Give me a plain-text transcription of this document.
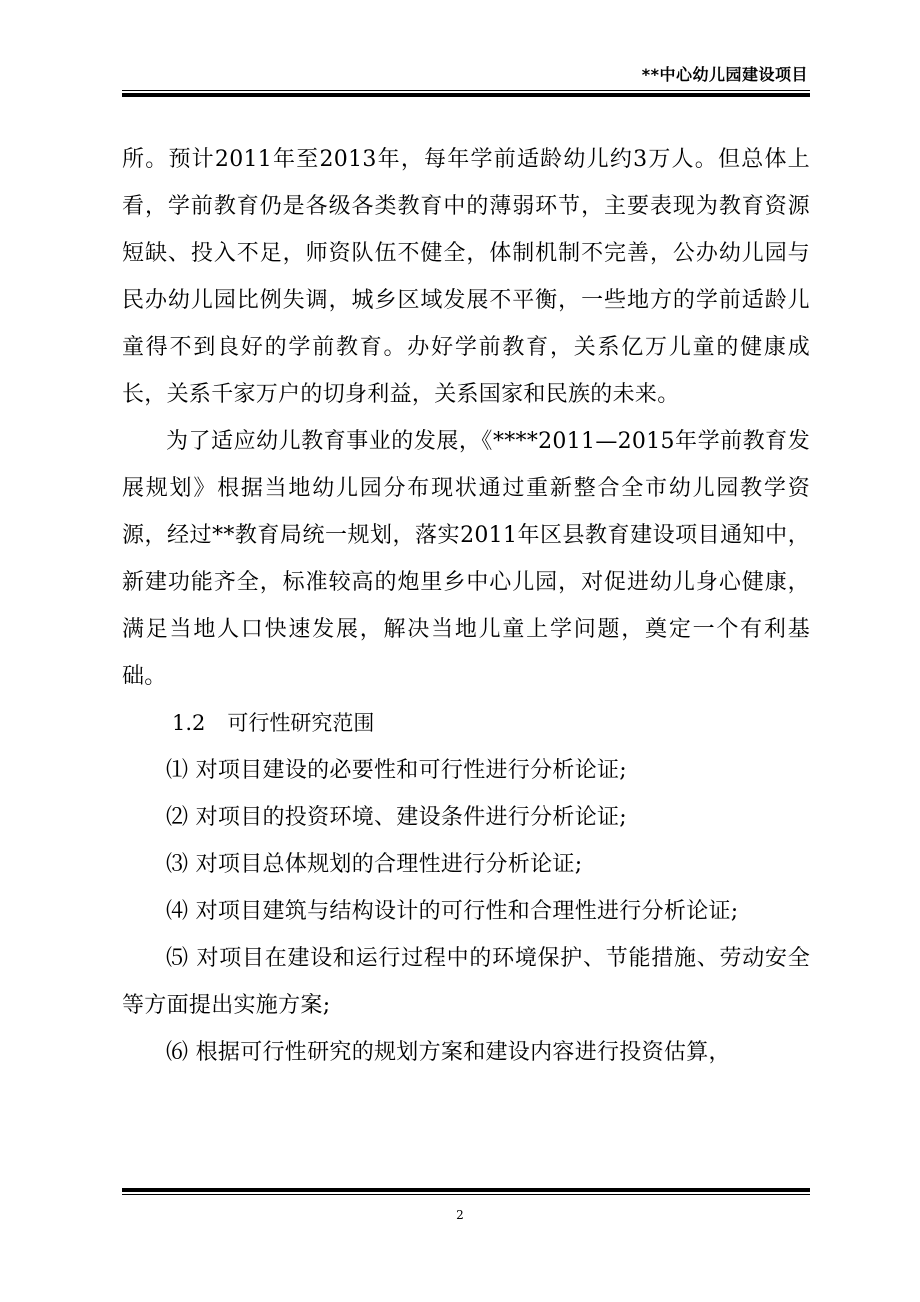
**中心幼儿园建设项目

所。预计2011年至2013年，每年学前适龄幼儿约3万人。但总体上看，学前教育仍是各级各类教育中的薄弱环节，主要表现为教育资源短缺、投入不足，师资队伍不健全，体制机制不完善，公办幼儿园与民办幼儿园比例失调，城乡区域发展不平衡，一些地方的学前适龄儿童得不到良好的学前教育。办好学前教育，关系亿万儿童的健康成长，关系千家万户的切身利益，关系国家和民族的未来。

为了适应幼儿教育事业的发展，《****2011—2015年学前教育发展规划》根据当地幼儿园分布现状通过重新整合全市幼儿园教学资源，经过**教育局统一规划，落实2011年区县教育建设项目通知中，新建功能齐全，标准较高的炮里乡中心儿园，对促进幼儿身心健康，满足当地人口快速发展，解决当地儿童上学问题，奠定一个有利基础。

1.2 可行性研究范围

⑴ 对项目建设的必要性和可行性进行分析论证;

⑵ 对项目的投资环境、建设条件进行分析论证;

⑶ 对项目总体规划的合理性进行分析论证;

⑷ 对项目建筑与结构设计的可行性和合理性进行分析论证;

⑸ 对项目在建设和运行过程中的环境保护、节能措施、劳动安全等方面提出实施方案;

⑹ 根据可行性研究的规划方案和建设内容进行投资估算，

2
